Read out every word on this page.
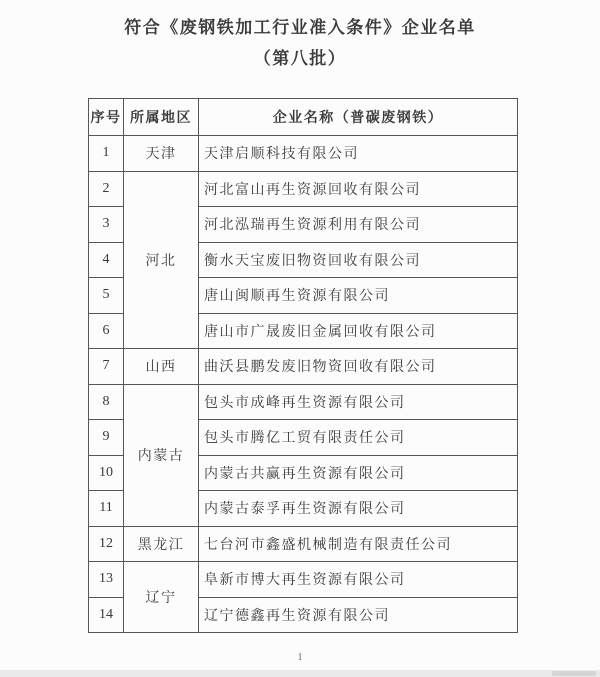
符合《废钢铁加工行业准入条件》企业名单
（第八批）
序号	所属地区	企业名称（普碳废钢铁）
1	天津	天津启顺科技有限公司
2	河北	河北富山再生资源回收有限公司
3		河北泓瑞再生资源利用有限公司
4		衡水天宝废旧物资回收有限公司
5		唐山闽顺再生资源有限公司
6		唐山市广晟废旧金属回收有限公司
7	山西	曲沃县鹏发废旧物资回收有限公司
8	内蒙古	包头市成峰再生资源有限公司
9		包头市腾亿工贸有限责任公司
10		内蒙古共赢再生资源有限公司
11		内蒙古泰孚再生资源有限公司
12	黑龙江	七台河市鑫盛机械制造有限责任公司
13	辽宁	阜新市博大再生资源有限公司
14		辽宁德鑫再生资源有限公司
1
